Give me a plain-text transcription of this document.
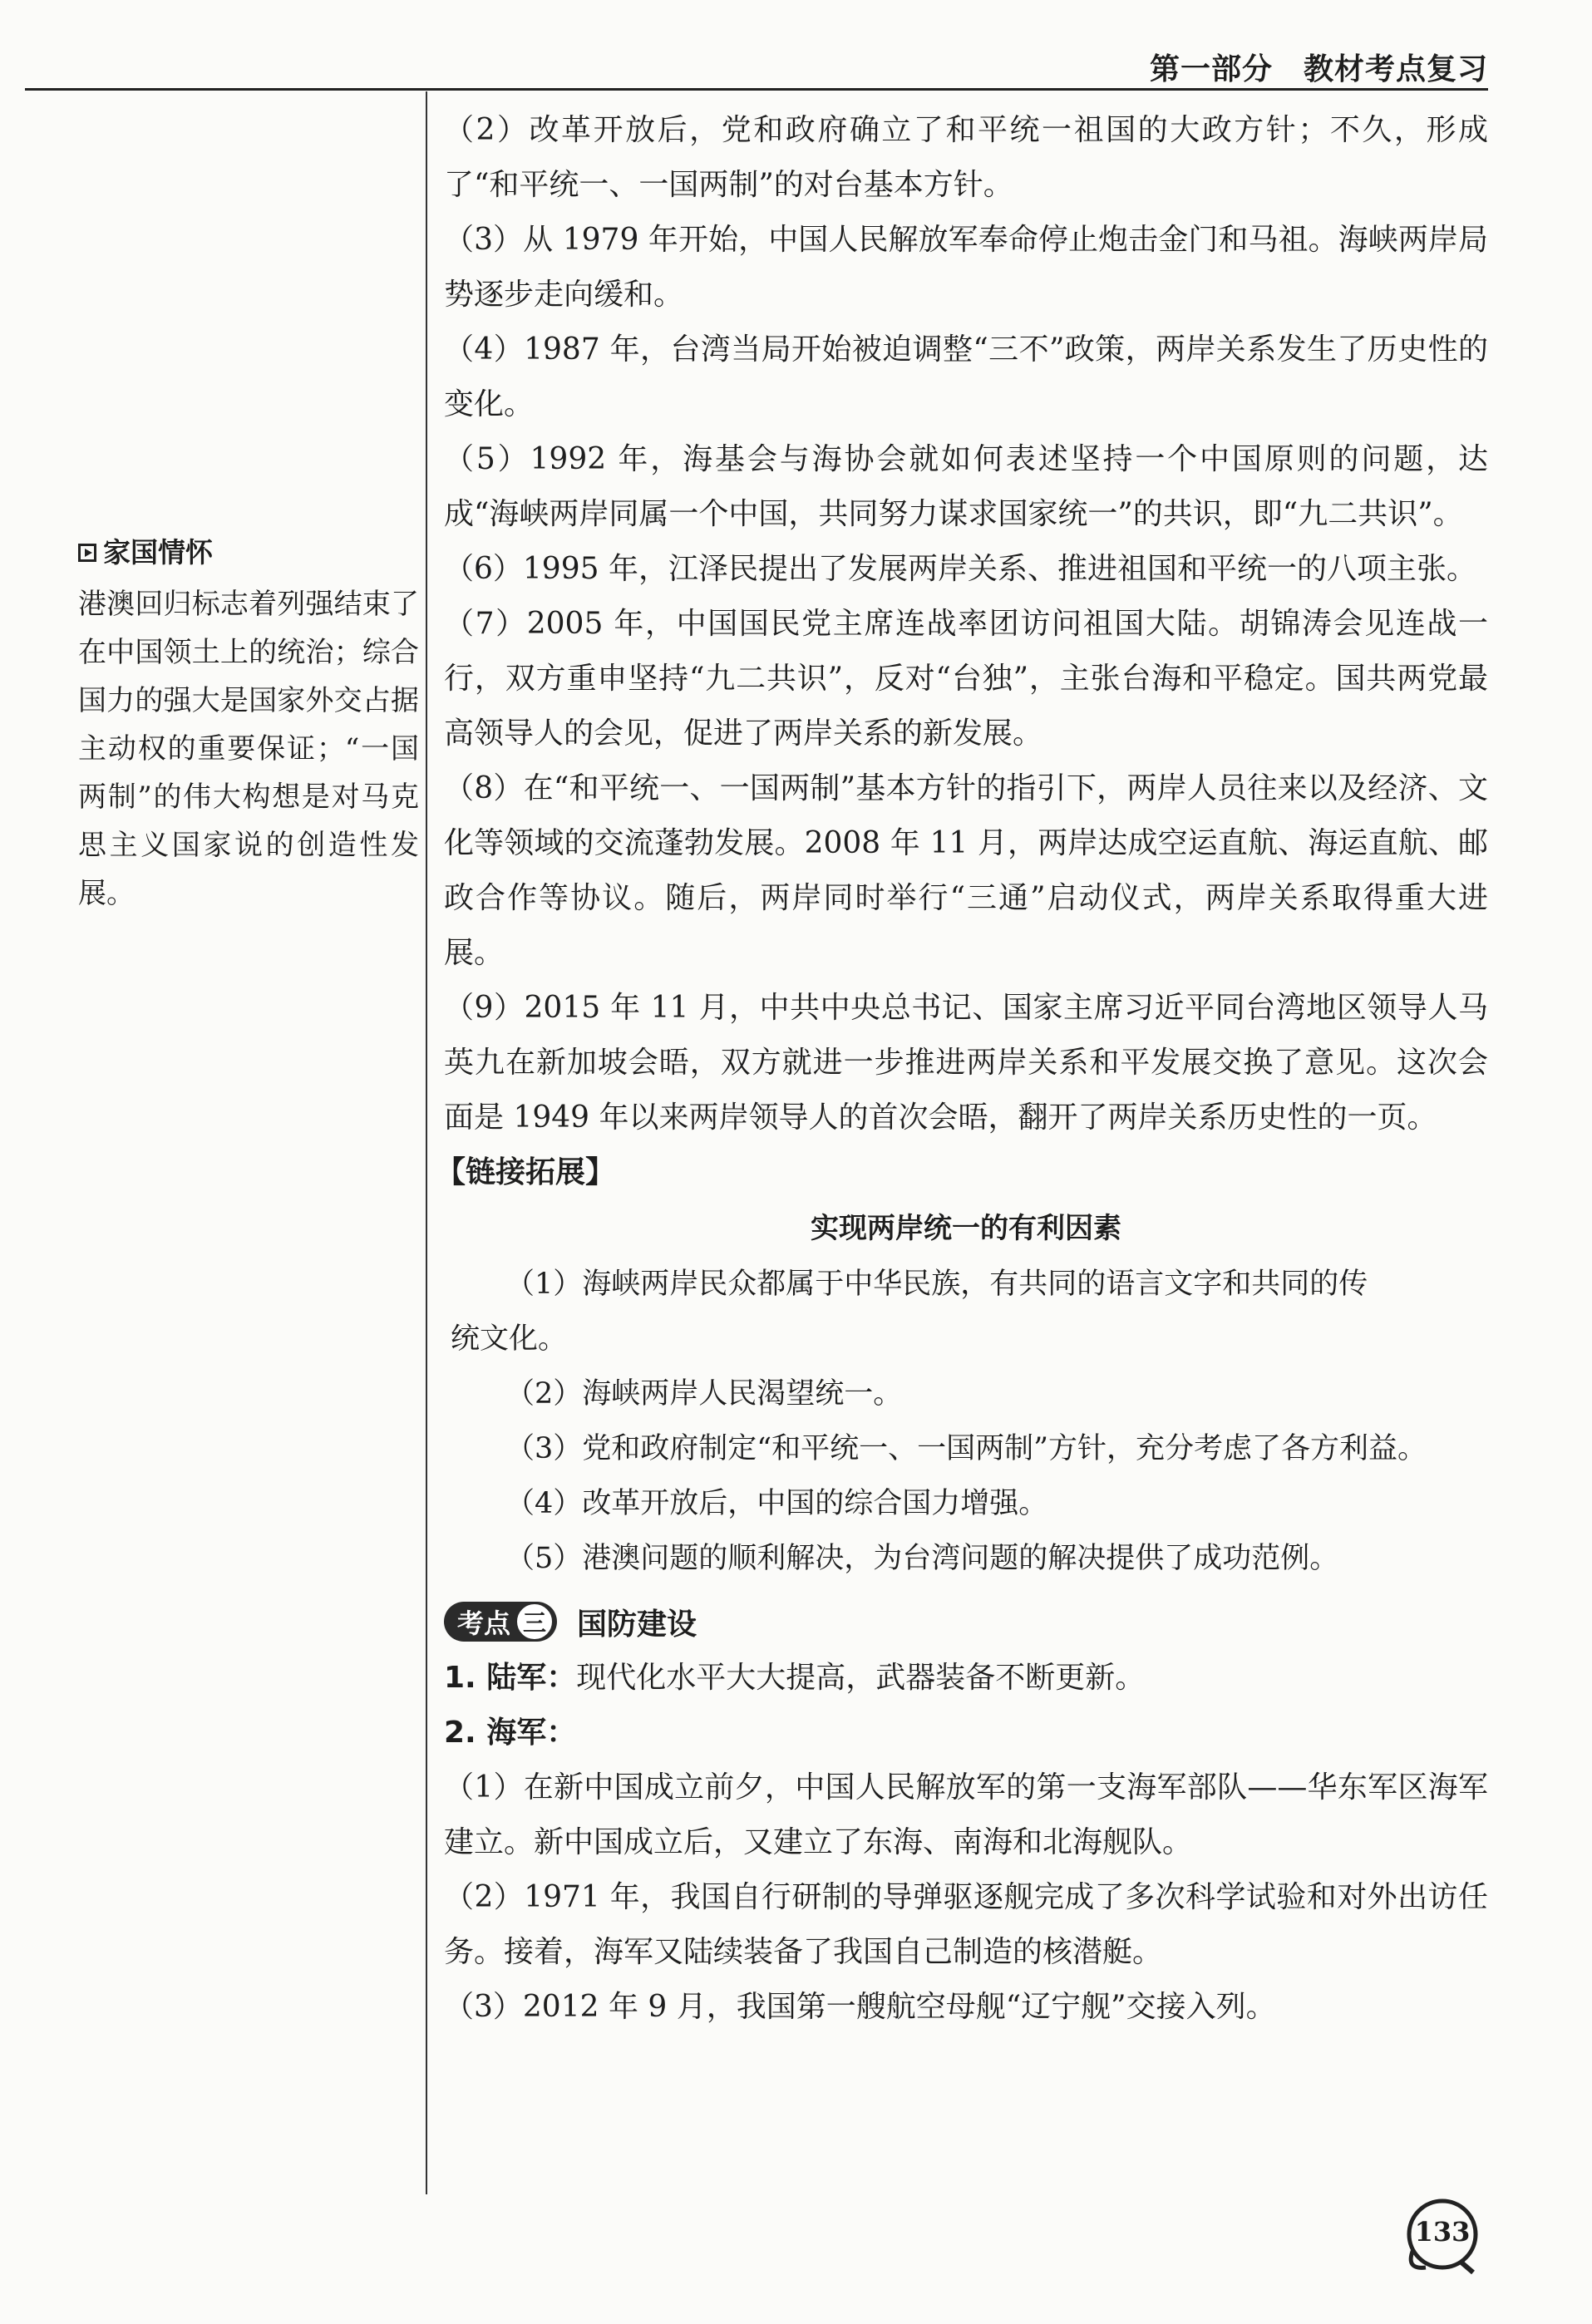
第一部分　教材考点复习
家国情怀

港澳回归标志着列强结束了在中国领土上的统治；综合国力的强大是国家外交占据主动权的重要保证；“一国两制”的伟大构想是对马克思主义国家说的创造性发展。

（2）改革开放后，党和政府确立了和平统一祖国的大政方针；不久，形成了“和平统一、一国两制”的对台基本方针。

（3）从 1979 年开始，中国人民解放军奉命停止炮击金门和马祖。海峡两岸局势逐步走向缓和。

（4）1987 年，台湾当局开始被迫调整“三不”政策，两岸关系发生了历史性的变化。

（5）1992 年，海基会与海协会就如何表述坚持一个中国原则的问题，达成“海峡两岸同属一个中国，共同努力谋求国家统一”的共识，即“九二共识”。

（6）1995 年，江泽民提出了发展两岸关系、推进祖国和平统一的八项主张。

（7）2005 年，中国国民党主席连战率团访问祖国大陆。胡锦涛会见连战一行，双方重申坚持“九二共识”，反对“台独”，主张台海和平稳定。国共两党最高领导人的会见，促进了两岸关系的新发展。

（8）在“和平统一、一国两制”基本方针的指引下，两岸人员往来以及经济、文化等领域的交流蓬勃发展。2008 年 11 月，两岸达成空运直航、海运直航、邮政合作等协议。随后，两岸同时举行“三通”启动仪式，两岸关系取得重大进展。

（9）2015 年 11 月，中共中央总书记、国家主席习近平同台湾地区领导人马英九在新加坡会晤，双方就进一步推进两岸关系和平发展交换了意见。这次会面是 1949 年以来两岸领导人的首次会晤，翻开了两岸关系历史性的一页。

【链接拓展】
实现两岸统一的有利因素

（1）海峡两岸民众都属于中华民族，有共同的语言文字和共同的传

统文化。

（2）海峡两岸人民渴望统一。

（3）党和政府制定“和平统一、一国两制”方针，充分考虑了各方利益。

（4）改革开放后，中国的综合国力增强。

（5）港澳问题的顺利解决，为台湾问题的解决提供了成功范例。

考点 三 国防建设

1. 陆军：现代化水平大大提高，武器装备不断更新。

2. 海军：

（1）在新中国成立前夕，中国人民解放军的第一支海军部队——华东军区海军建立。新中国成立后，又建立了东海、南海和北海舰队。

（2）1971 年，我国自行研制的导弹驱逐舰完成了多次科学试验和对外出访任务。接着，海军又陆续装备了我国自己制造的核潜艇。

（3）2012 年 9 月，我国第一艘航空母舰“辽宁舰”交接入列。

133
